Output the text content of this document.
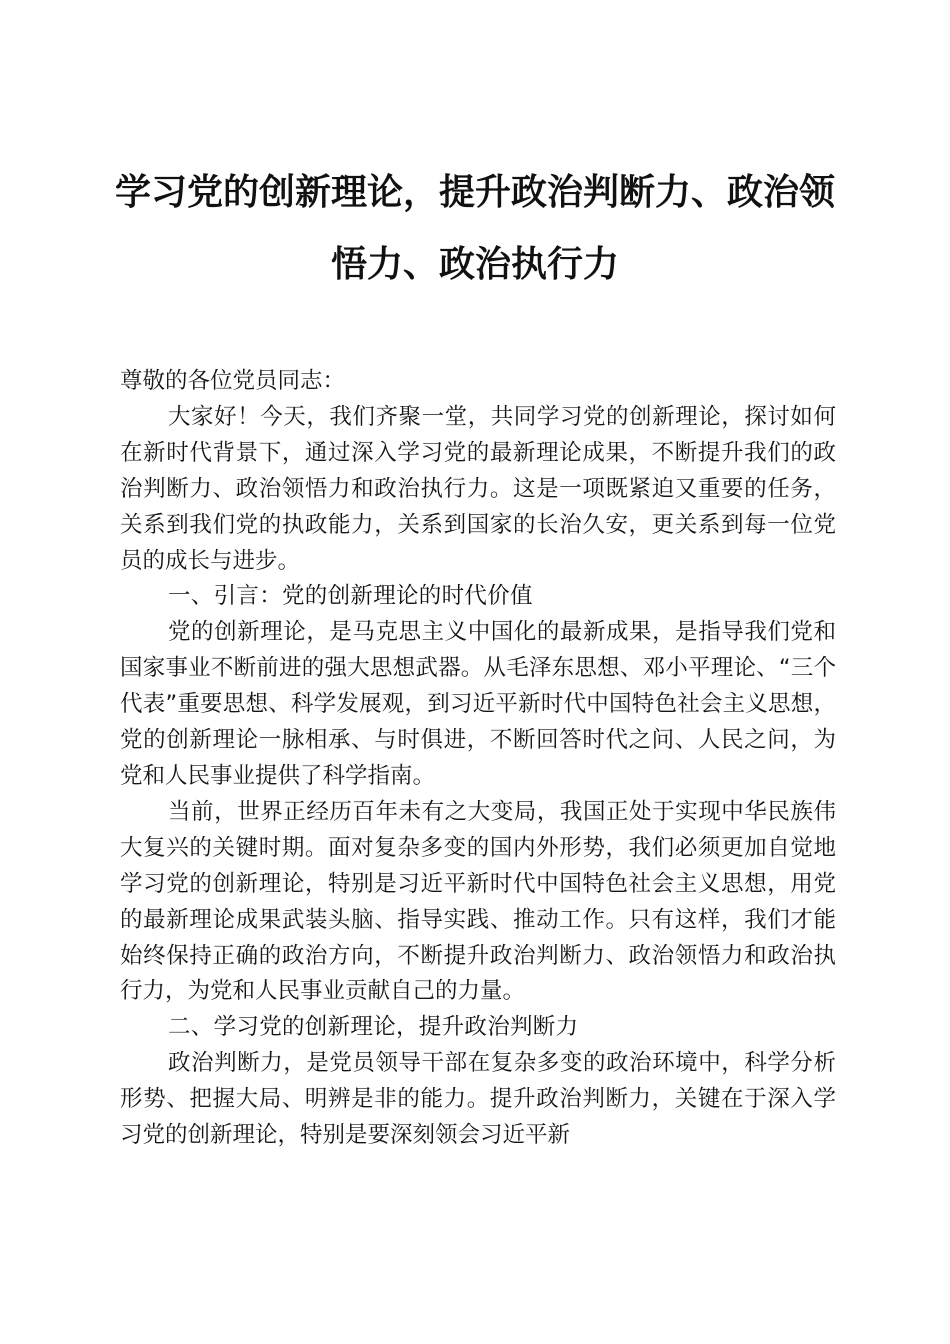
学习党的创新理论，提升政治判断力、政治领
悟力、政治执行力

尊敬的各位党员同志：

大家好！今天，我们齐聚一堂，共同学习党的创新理论，探讨如何在新时代背景下，通过深入学习党的最新理论成果，不断提升我们的政治判断力、政治领悟力和政治执行力。这是一项既紧迫又重要的任务，关系到我们党的执政能力，关系到国家的长治久安，更关系到每一位党员的成长与进步。

一、引言：党的创新理论的时代价值

党的创新理论，是马克思主义中国化的最新成果，是指导我们党和国家事业不断前进的强大思想武器。从毛泽东思想、邓小平理论、“三个代表”重要思想、科学发展观，到习近平新时代中国特色社会主义思想，党的创新理论一脉相承、与时俱进，不断回答时代之问、人民之问，为党和人民事业提供了科学指南。

当前，世界正经历百年未有之大变局，我国正处于实现中华民族伟大复兴的关键时期。面对复杂多变的国内外形势，我们必须更加自觉地学习党的创新理论，特别是习近平新时代中国特色社会主义思想，用党的最新理论成果武装头脑、指导实践、推动工作。只有这样，我们才能始终保持正确的政治方向，不断提升政治判断力、政治领悟力和政治执行力，为党和人民事业贡献自己的力量。

二、学习党的创新理论，提升政治判断力

政治判断力，是党员领导干部在复杂多变的政治环境中，科学分析形势、把握大局、明辨是非的能力。提升政治判断力，关键在于深入学习党的创新理论，特别是要深刻领会习近平新
